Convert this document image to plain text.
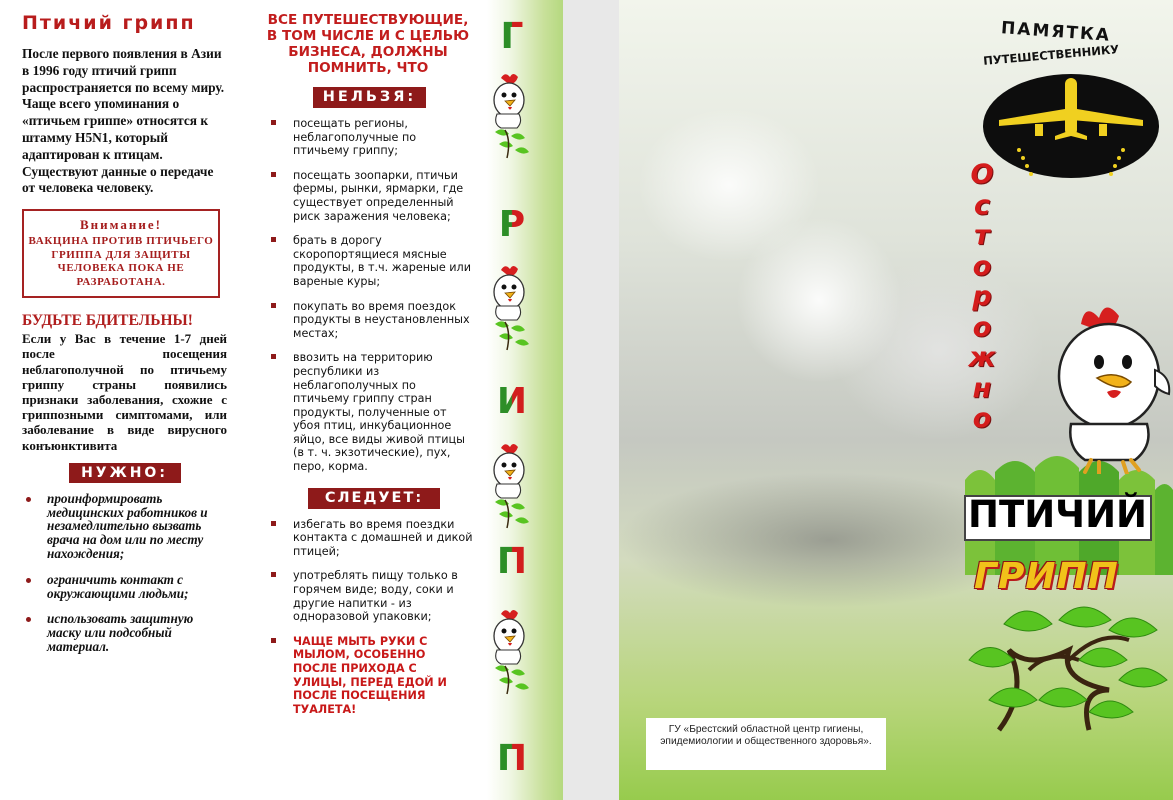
Птичий грипп

После первого появления в Азии в 1996 году птичий грипп распространяется по всему миру. Чаще всего упоминания о «птичьем гриппе» относятся к штамму H5N1, который адаптирован к птицам. Существуют данные о передаче от человека человеку.

Внимание!
ВАКЦИНА ПРОТИВ ПТИЧЬЕГО ГРИППА ДЛЯ ЗАЩИТЫ ЧЕЛОВЕКА ПОКА НЕ РАЗРАБОТАНА.
БУДЬТЕ БДИТЕЛЬНЫ!

Если у Вас в течение 1-7 дней после посещения неблагополучной по птичьему гриппу страны появились признаки заболевания, схожие с гриппозными симптомами, или заболевание в виде вирусного конъюнктивита

НУЖНО:
проинформировать медицинских работников и незамедлительно вызвать врача на дом или по месту нахождения;
ограничить контакт с окружающими людьми;
использовать защитную маску или подсобный материал.
ВСЕ ПУТЕШЕСТВУЮЩИЕ, В ТОМ ЧИСЛЕ И С ЦЕЛЬЮ БИЗНЕСА, ДОЛЖНЫ ПОМНИТЬ, ЧТО
НЕЛЬЗЯ:
посещать регионы, неблагополучные по птичьему гриппу;
посещать зоопарки, птичьи фермы, рынки, ярмарки, где существует определенный риск заражения человека;
брать в дорогу скоропортящиеся мясные продукты, в т.ч. жареные или вареные куры;
покупать во время поездок продукты в неустановленных местах;
ввозить на территорию республики из неблагополучных по птичьему гриппу стран продукты, полученные от убоя птиц, инкубационное яйцо, все виды живой птицы (в т. ч. экзотические), пух, перо, корма.
СЛЕДУЕТ:
избегать во время поездки контакта с домашней и дикой птицей;
употреблять пищу только в горячем виде; воду, соки и другие напитки - из одноразовой упаковки;
ЧАЩЕ МЫТЬ РУКИ С МЫЛОМ, ОСОБЕННО ПОСЛЕ ПРИХОДА С УЛИЦЫ, ПЕРЕД ЕДОЙ И ПОСЛЕ ПОСЕЩЕНИЯ ТУАЛЕТА!
Г
Р
И
П
П
ПАМЯТКА
ПУТЕШЕСТВЕННИКУ
О
с
т
о
р
о
ж
н
о
ПТИЧИЙ
ГРИПП
ГУ «Брестский областной центр гигиены, эпидемиологии и общественного здоровья».
